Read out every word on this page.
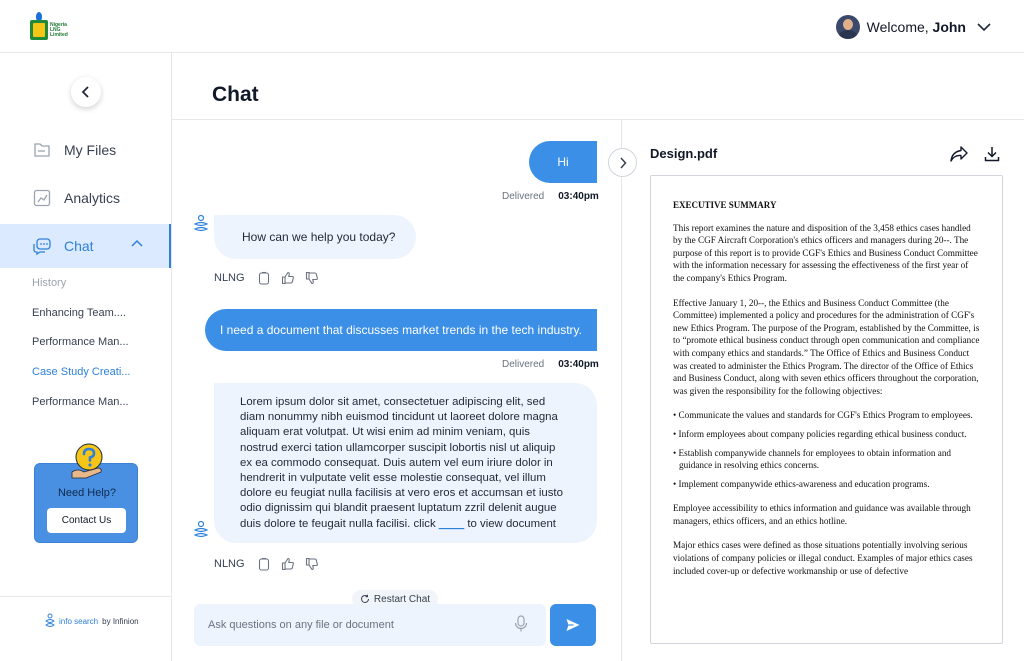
Nigeria LNG Limited	Welcome, John
My Files
Analytics
Chat
History
Enhancing Team....
Performance Man...
Case Study Creati...
Performance Man...
Need Help?
Contact Us
info search by Infinion
Chat
Hi
Delivered 03:40pm
How can we help you today?
NLNG
I need a document that discusses market trends in the tech industry.
Delivered 03:40pm
Lorem ipsum dolor sit amet, consectetuer adipiscing elit, sed diam nonummy nibh euismod tincidunt ut laoreet dolore magna aliquam erat volutpat. Ut wisi enim ad minim veniam, quis nostrud exerci tation ullamcorper suscipit lobortis nisl ut aliquip ex ea commodo consequat. Duis autem vel eum iriure dolor in hendrerit in vulputate velit esse molestie consequat, vel illum dolore eu feugiat nulla facilisis at vero eros et accumsan et iusto odio dignissim qui blandit praesent luptatum zzril delenit augue duis dolore te feugait nulla facilisi. click ____ to view document
NLNG
Restart Chat
Ask questions on any file or document
Design.pdf
EXECUTIVE SUMMARY

This report examines the nature and disposition of the 3,458 ethics cases handled by the CGF Aircraft Corporation's ethics officers and managers during 20--. The purpose of this report is to provide CGF's Ethics and Business Conduct Committee with the information necessary for assessing the effectiveness of the first year of the company's Ethics Program.

Effective January 1, 20--, the Ethics and Business Conduct Committee (the Committee) implemented a policy and procedures for the administration of CGF's new Ethics Program. The purpose of the Program, established by the Committee, is to “promote ethical business conduct through open communication and compliance with company ethics and standards.” The Office of Ethics and Business Conduct was created to administer the Ethics Program. The director of the Office of Ethics and Business Conduct, along with seven ethics officers throughout the corporation, was given the responsibility for the following objectives:

• Communicate the values and standards for CGF's Ethics Program to employees.
• Inform employees about company policies regarding ethical business conduct.
• Establish companywide channels for employees to obtain information and guidance in resolving ethics concerns.
• Implement companywide ethics-awareness and education programs.

Employee accessibility to ethics information and guidance was available through managers, ethics officers, and an ethics hotline.

Major ethics cases were defined as those situations potentially involving serious violations of company policies or illegal conduct. Examples of major ethics cases included cover-up or defective workmanship or use of defective
